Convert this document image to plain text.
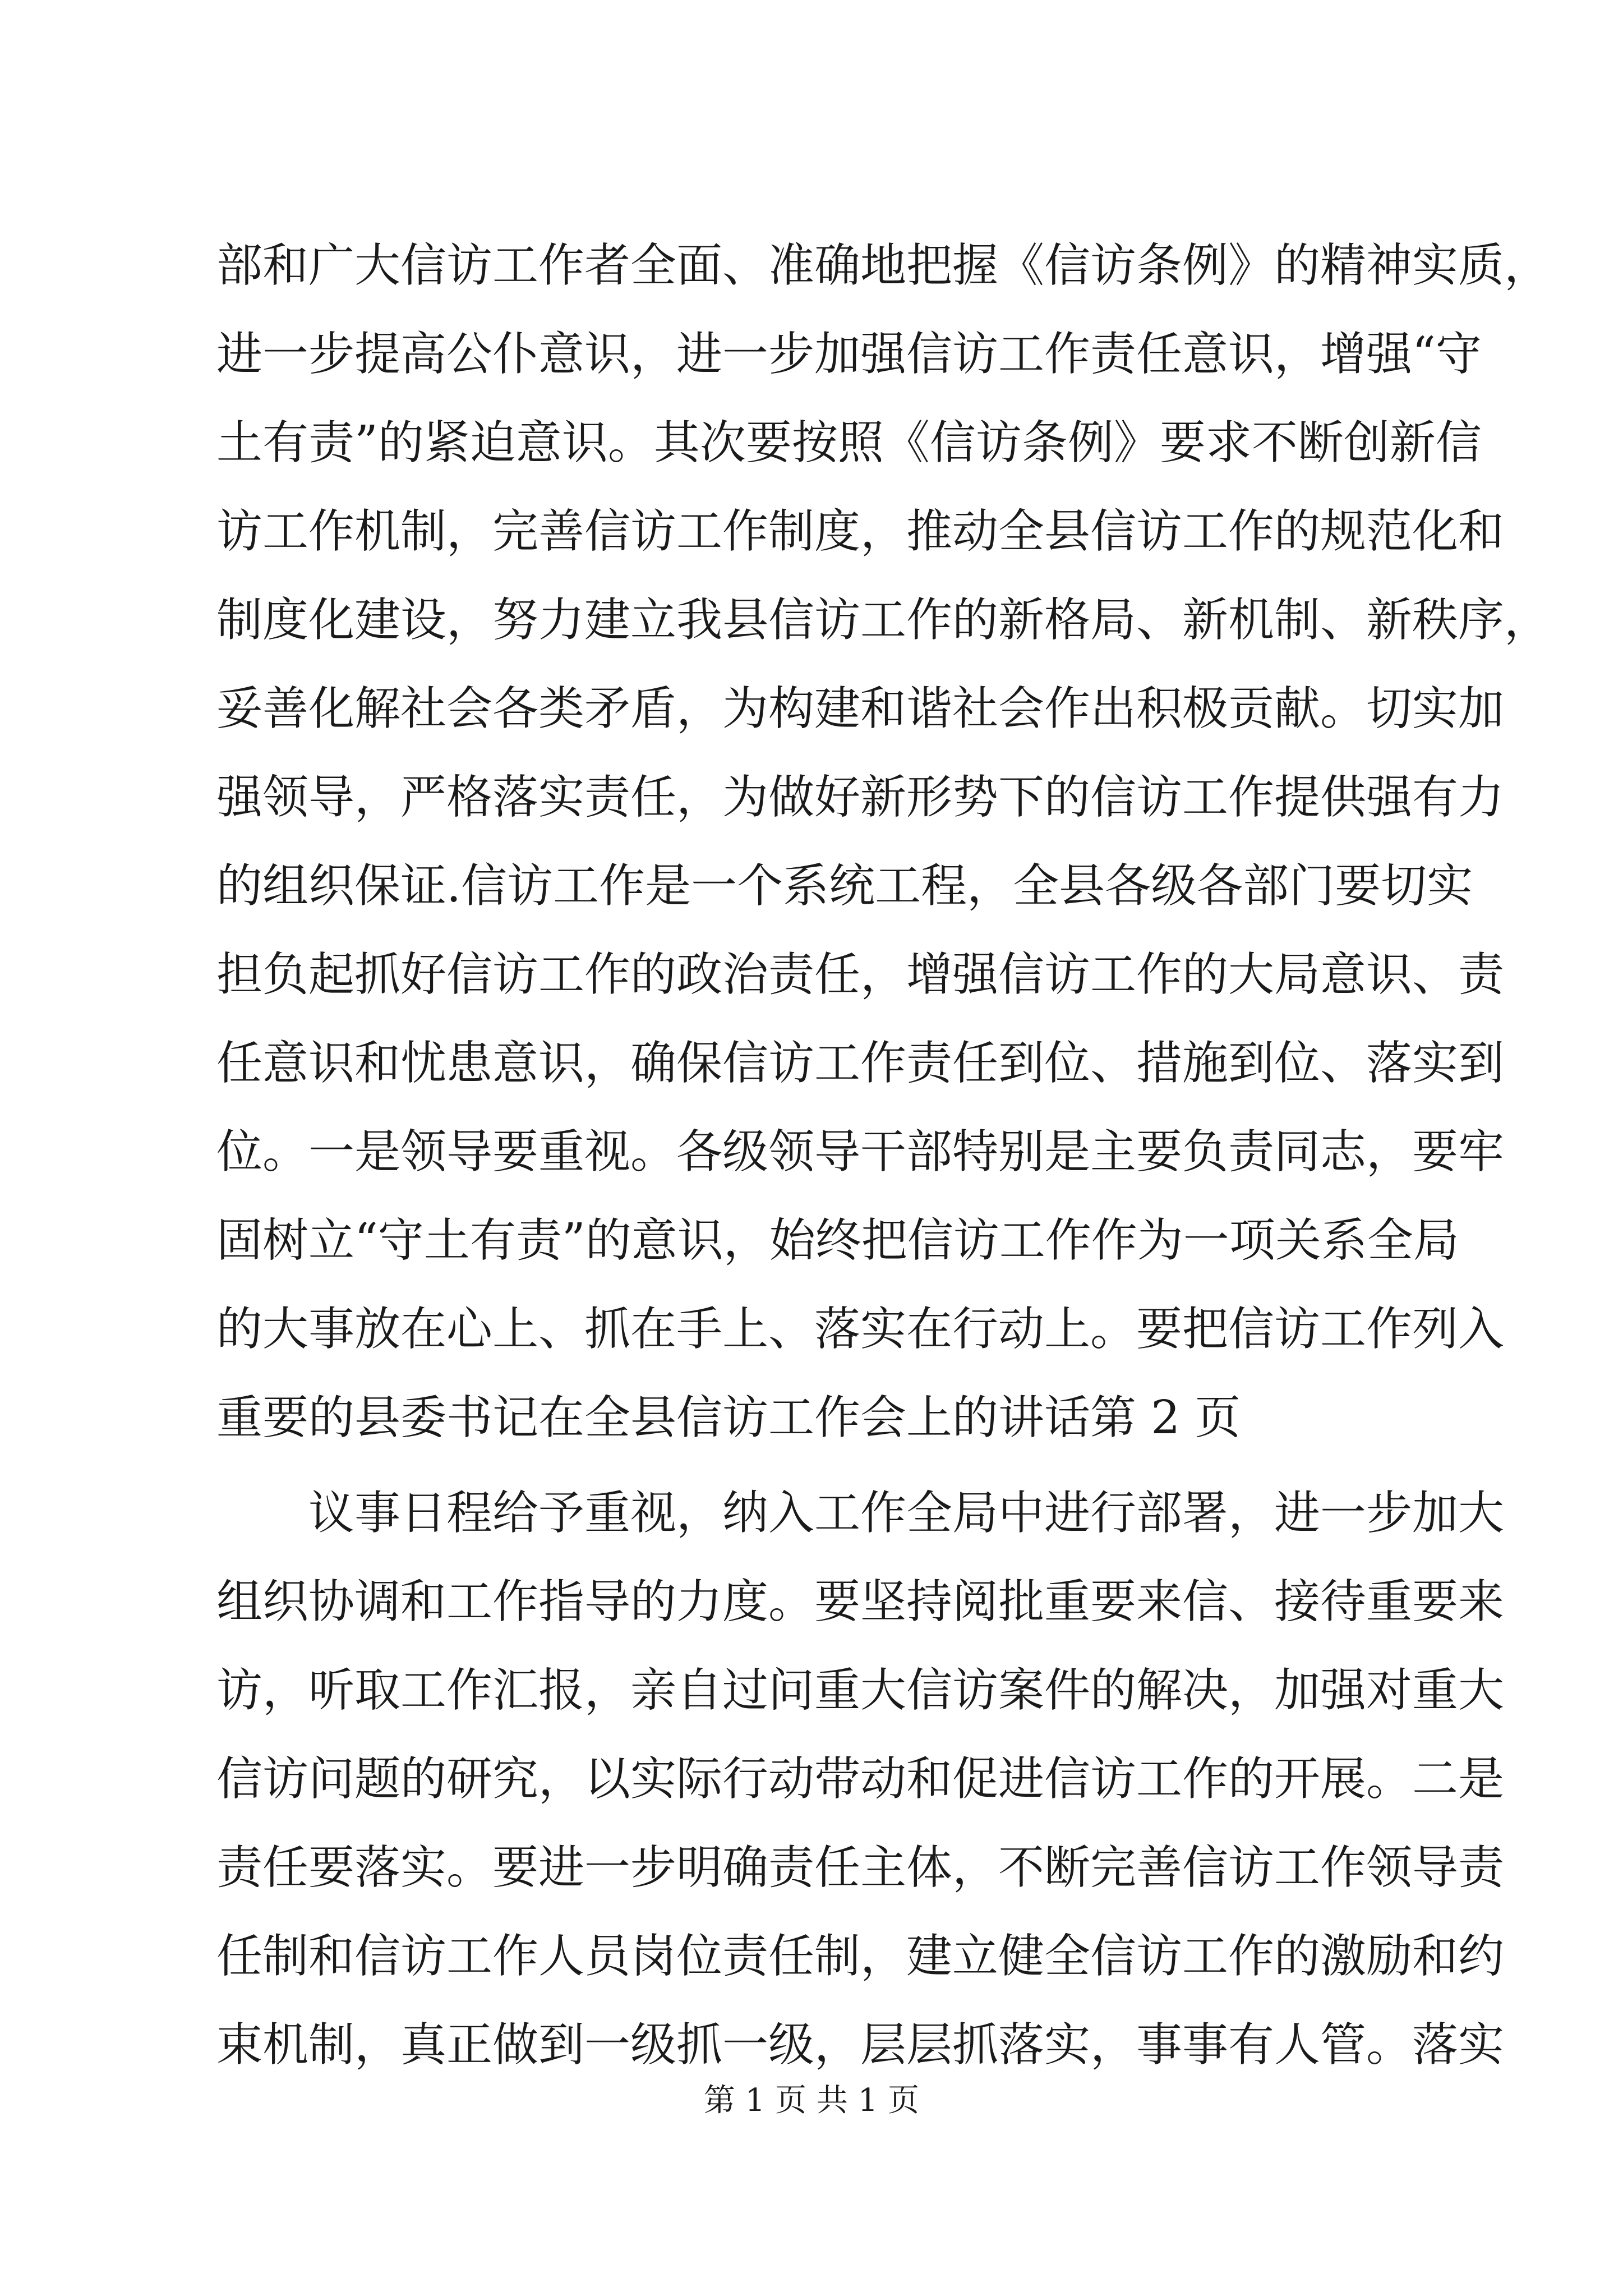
部和广大信访工作者全面、准确地把握《信访条例》的精神实质，
进一步提高公仆意识，进一步加强信访工作责任意识，增强“守
土有责”的紧迫意识。其次要按照《信访条例》要求不断创新信
访工作机制，完善信访工作制度，推动全县信访工作的规范化和
制度化建设，努力建立我县信访工作的新格局、新机制、新秩序，
妥善化解社会各类矛盾，为构建和谐社会作出积极贡献。切实加
强领导，严格落实责任，为做好新形势下的信访工作提供强有力
的组织保证.信访工作是一个系统工程，全县各级各部门要切实
担负起抓好信访工作的政治责任，增强信访工作的大局意识、责
任意识和忧患意识，确保信访工作责任到位、措施到位、落实到
位。一是领导要重视。各级领导干部特别是主要负责同志，要牢
固树立“守土有责”的意识，始终把信访工作作为一项关系全局
的大事放在心上、抓在手上、落实在行动上。要把信访工作列入
重要的县委书记在全县信访工作会上的讲话第 2 页
议事日程给予重视，纳入工作全局中进行部署，进一步加大
组织协调和工作指导的力度。要坚持阅批重要来信、接待重要来
访，听取工作汇报，亲自过问重大信访案件的解决，加强对重大
信访问题的研究，以实际行动带动和促进信访工作的开展。二是
责任要落实。要进一步明确责任主体，不断完善信访工作领导责
任制和信访工作人员岗位责任制，建立健全信访工作的激励和约
束机制，真正做到一级抓一级，层层抓落实，事事有人管。落实
第 1 页 共 1 页
